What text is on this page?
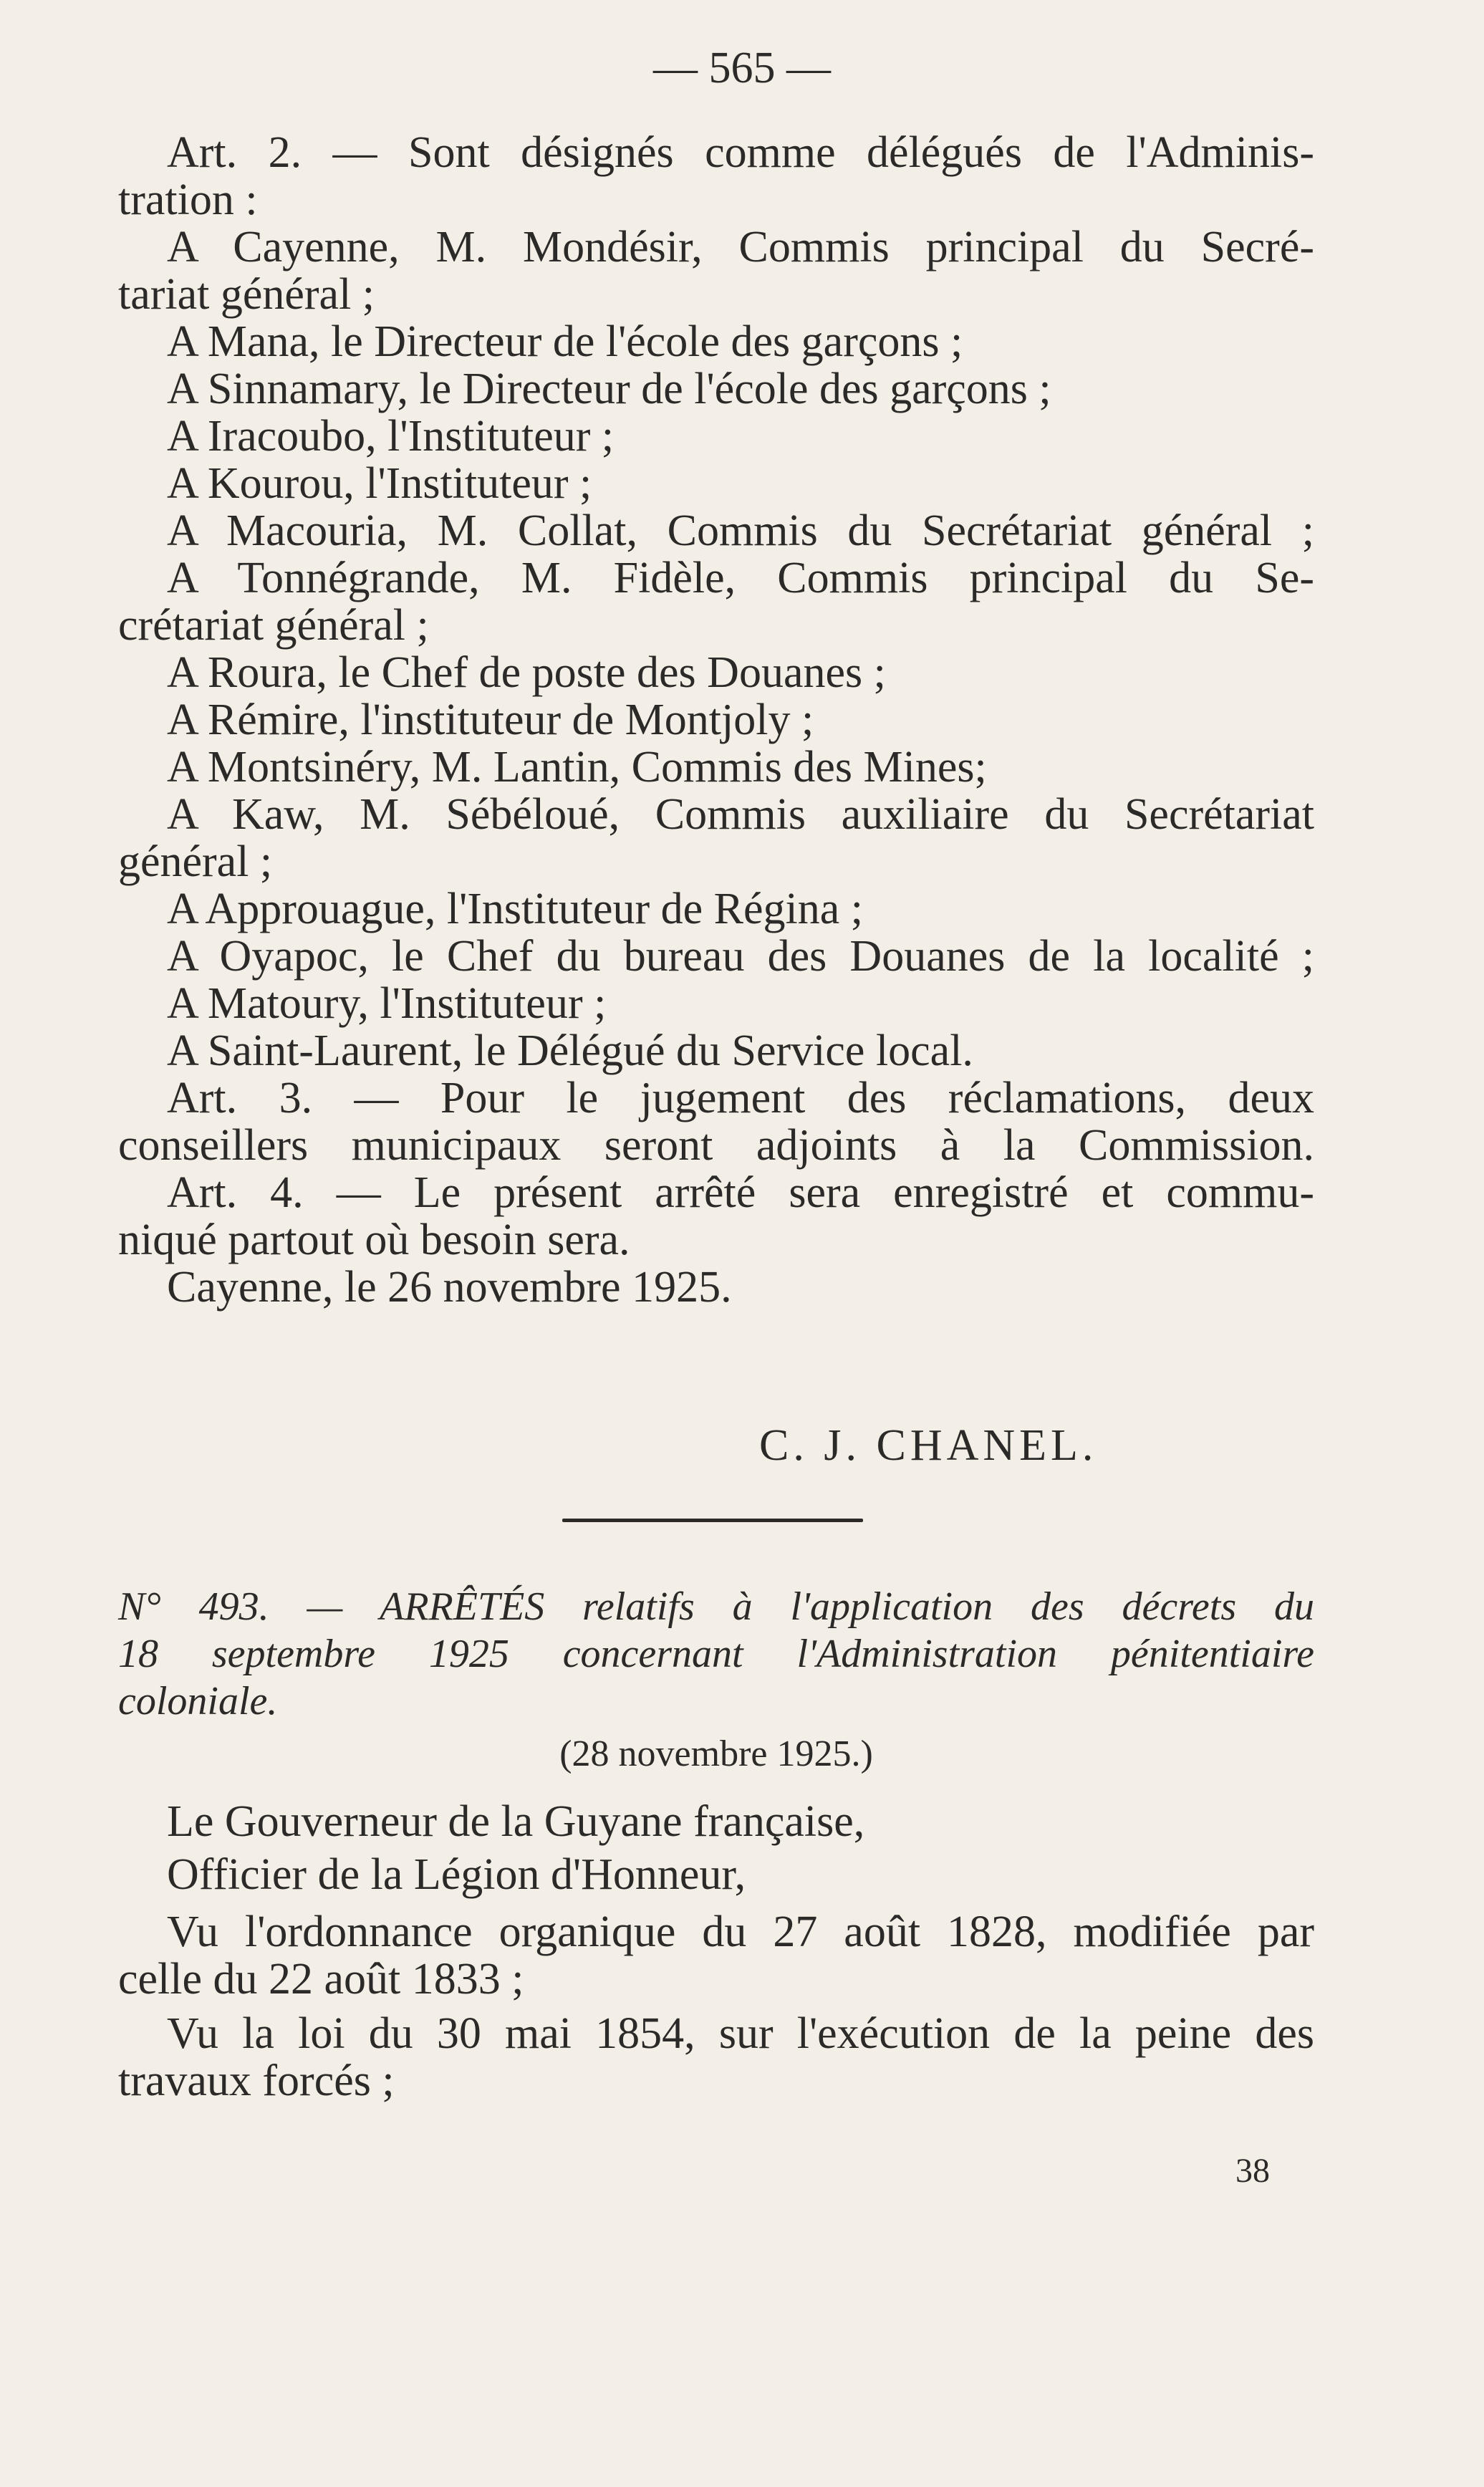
— 565 —

Art. 2. — Sont désignés comme délégués de l'Adminis-

tration :

A Cayenne, M. Mondésir, Commis principal du Secré-

tariat général ;

A Mana, le Directeur de l'école des garçons ;

A Sinnamary, le Directeur de l'école des garçons ;

A Iracoubo, l'Instituteur ;

A Kourou, l'Instituteur ;

A Macouria, M. Collat, Commis du Secrétariat général ;

A Tonnégrande, M. Fidèle, Commis principal du Se-

crétariat général ;

A Roura, le Chef de poste des Douanes ;

A Rémire, l'instituteur de Montjoly ;

A Montsinéry, M. Lantin, Commis des Mines;

A Kaw, M. Sébéloué, Commis auxiliaire du Secrétariat

général ;

A Approuague, l'Instituteur de Régina ;

A Oyapoc, le Chef du bureau des Douanes de la localité ;

A Matoury, l'Instituteur ;

A Saint-Laurent, le Délégué du Service local.

Art. 3. — Pour le jugement des réclamations, deux

conseillers municipaux seront adjoints à la Commission.

Art. 4. — Le présent arrêté sera enregistré et commu-

niqué partout où besoin sera.

Cayenne, le 26 novembre 1925.

C. J. CHANEL.

N° 493. — ARRÊTÉS relatifs à l'application des décrets du

18 septembre 1925 concernant l'Administration pénitentiaire

coloniale.

(28 novembre 1925.)

Le Gouverneur de la Guyane française,

Officier de la Légion d'Honneur,

Vu l'ordonnance organique du 27 août 1828, modifiée par

celle du 22 août 1833 ;

Vu la loi du 30 mai 1854, sur l'exécution de la peine des

travaux forcés ;

38
